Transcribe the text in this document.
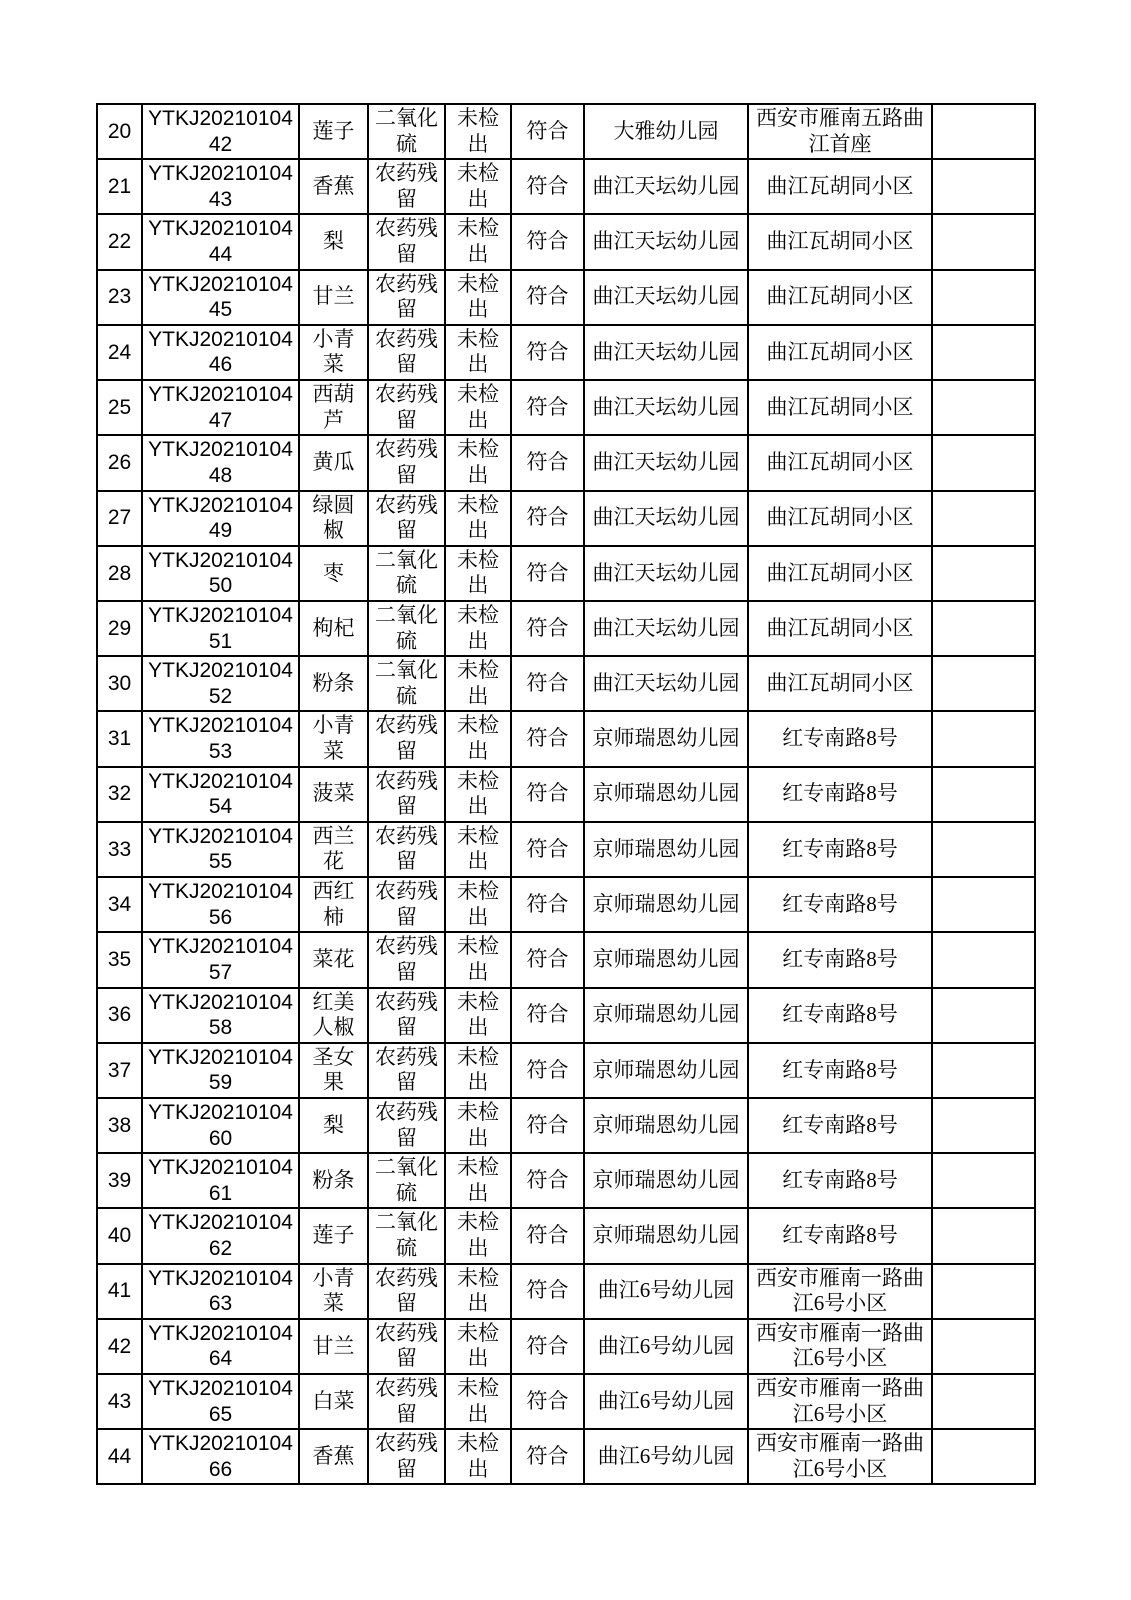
20	YTKJ2021010442	莲子	二氧化硫	未检出	符合	大雅幼儿园	西安市雁南五路曲江首座	
21	YTKJ2021010443	香蕉	农药残留	未检出	符合	曲江天坛幼儿园	曲江瓦胡同小区	
22	YTKJ2021010444	梨	农药残留	未检出	符合	曲江天坛幼儿园	曲江瓦胡同小区	
23	YTKJ2021010445	甘兰	农药残留	未检出	符合	曲江天坛幼儿园	曲江瓦胡同小区	
24	YTKJ2021010446	小青菜	农药残留	未检出	符合	曲江天坛幼儿园	曲江瓦胡同小区	
25	YTKJ2021010447	西葫芦	农药残留	未检出	符合	曲江天坛幼儿园	曲江瓦胡同小区	
26	YTKJ2021010448	黄瓜	农药残留	未检出	符合	曲江天坛幼儿园	曲江瓦胡同小区	
27	YTKJ2021010449	绿圆椒	农药残留	未检出	符合	曲江天坛幼儿园	曲江瓦胡同小区	
28	YTKJ2021010450	枣	二氧化硫	未检出	符合	曲江天坛幼儿园	曲江瓦胡同小区	
29	YTKJ2021010451	枸杞	二氧化硫	未检出	符合	曲江天坛幼儿园	曲江瓦胡同小区	
30	YTKJ2021010452	粉条	二氧化硫	未检出	符合	曲江天坛幼儿园	曲江瓦胡同小区	
31	YTKJ2021010453	小青菜	农药残留	未检出	符合	京师瑞恩幼儿园	红专南路8号	
32	YTKJ2021010454	菠菜	农药残留	未检出	符合	京师瑞恩幼儿园	红专南路8号	
33	YTKJ2021010455	西兰花	农药残留	未检出	符合	京师瑞恩幼儿园	红专南路8号	
34	YTKJ2021010456	西红柿	农药残留	未检出	符合	京师瑞恩幼儿园	红专南路8号	
35	YTKJ2021010457	菜花	农药残留	未检出	符合	京师瑞恩幼儿园	红专南路8号	
36	YTKJ2021010458	红美人椒	农药残留	未检出	符合	京师瑞恩幼儿园	红专南路8号	
37	YTKJ2021010459	圣女果	农药残留	未检出	符合	京师瑞恩幼儿园	红专南路8号	
38	YTKJ2021010460	梨	农药残留	未检出	符合	京师瑞恩幼儿园	红专南路8号	
39	YTKJ2021010461	粉条	二氧化硫	未检出	符合	京师瑞恩幼儿园	红专南路8号	
40	YTKJ2021010462	莲子	二氧化硫	未检出	符合	京师瑞恩幼儿园	红专南路8号	
41	YTKJ2021010463	小青菜	农药残留	未检出	符合	曲江6号幼儿园	西安市雁南一路曲江6号小区	
42	YTKJ2021010464	甘兰	农药残留	未检出	符合	曲江6号幼儿园	西安市雁南一路曲江6号小区	
43	YTKJ2021010465	白菜	农药残留	未检出	符合	曲江6号幼儿园	西安市雁南一路曲江6号小区	
44	YTKJ2021010466	香蕉	农药残留	未检出	符合	曲江6号幼儿园	西安市雁南一路曲江6号小区	
